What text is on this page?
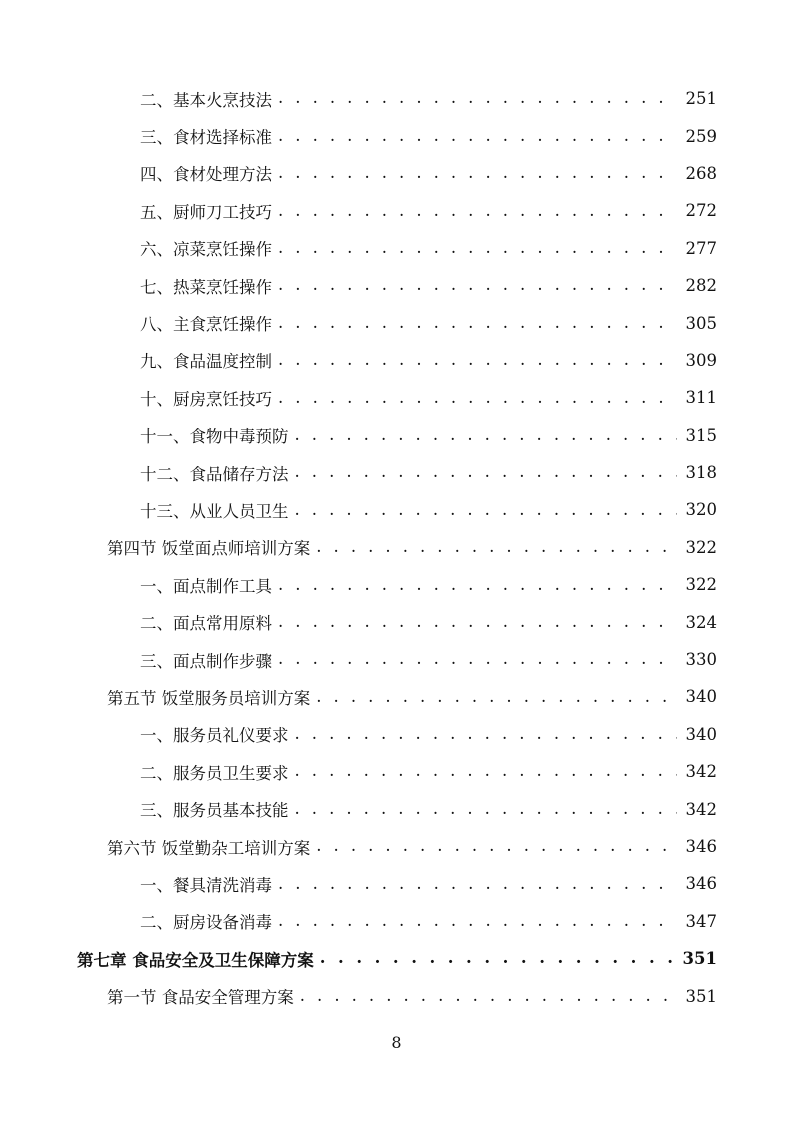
二、基本火烹技法 . . .	251
三、食材选择标准 . . .	259
四、食材处理方法 . . .	268
五、厨师刀工技巧 . . .	272
六、凉菜烹饪操作 . . .	277
七、热菜烹饪操作 . . .	282
八、主食烹饪操作 . . .	305
九、食品温度控制 . . .	309
十、厨房烹饪技巧 . . .	311
十一、食物中毒预防 . . .	315
十二、食品储存方法 . . .	318
十三、从业人员卫生 . . .	320
第四节 饭堂面点师培训方案 . . .	322
一、面点制作工具 . . .	322
二、面点常用原料 . . .	324
三、面点制作步骤 . . .	330
第五节 饭堂服务员培训方案 . . .	340
一、服务员礼仪要求 . . .	340
二、服务员卫生要求 . . .	342
三、服务员基本技能 . . .	342
第六节 饭堂勤杂工培训方案 . . .	346
一、餐具清洗消毒 . . .	346
二、厨房设备消毒 . . .	347
第七章 食品安全及卫生保障方案 . . .	351
第一节 食品安全管理方案 . . .	351
8
